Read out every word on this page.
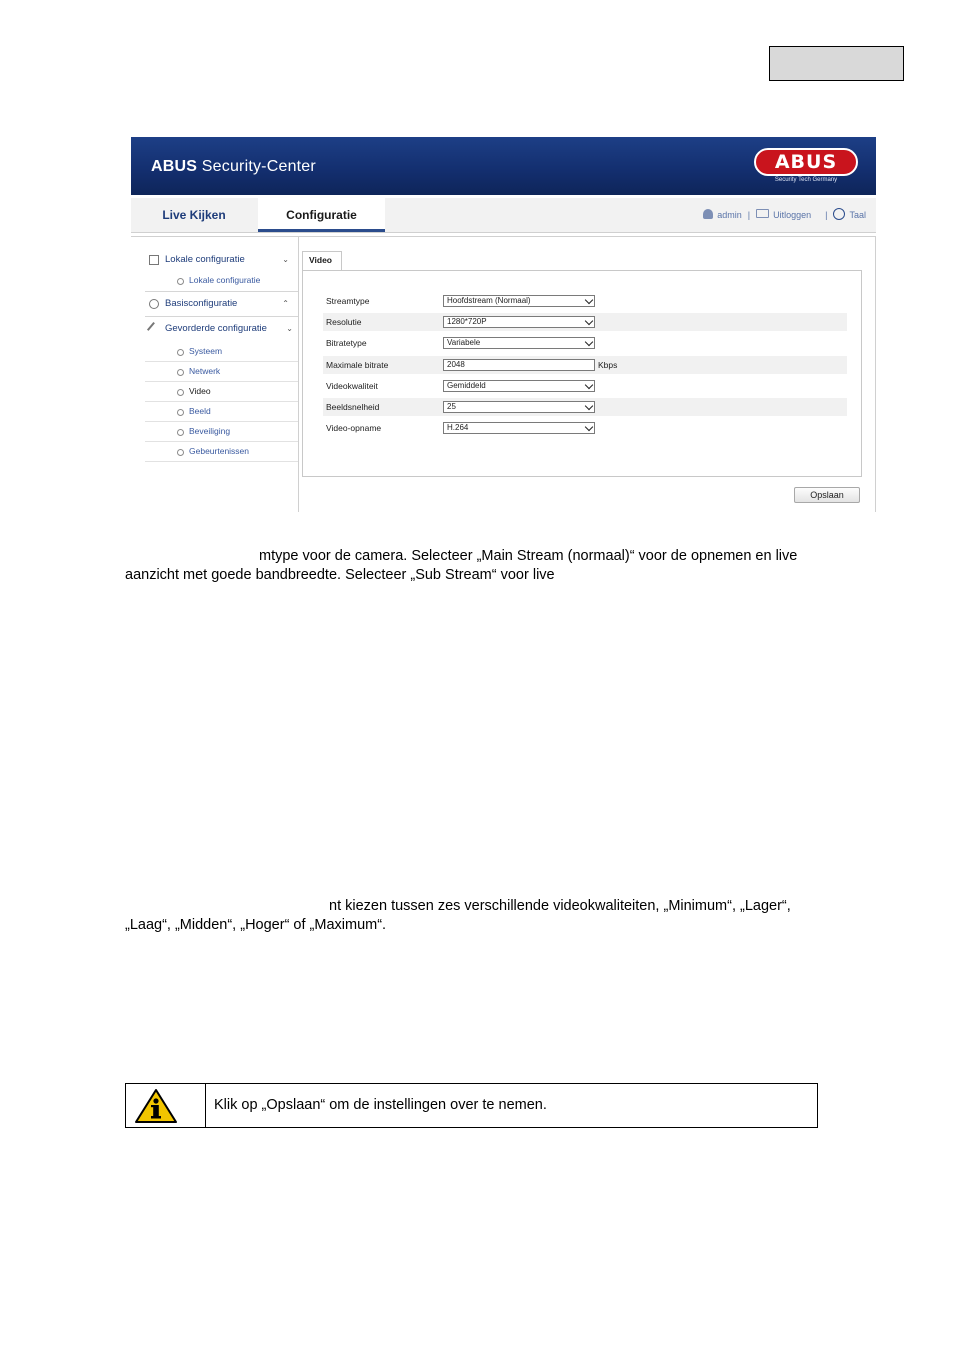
ABUS Security-Center	ABUS
Security Tech Germany
Live Kijken	Configuratie	admin |	Uitloggen | Taal
Lokale configuratie	⌄
Lokale configuratie
Basisconfiguratie	⌃
Gevorderde configuratie ⌄
Systeem
Netwerk
Video
Beeld
Beveiliging
Gebeurtenissen
Video
Streamtype	Hoofdstream (Normaal)
Resolutie	1280*720P
Bitratetype	Variabele
Maximale bitrate	2048	Kbps
Videokwaliteit	Gemiddeld
Beeldsnelheid	25
Video-opname	H.264
Opslaan
mtype voor de camera. Selecteer „Main Stream (normaal)“ voor de opnemen en live
aanzicht met goede bandbreedte. Selecteer „Sub Stream“ voor live
nt kiezen tussen zes verschillende videokwaliteiten, „Minimum“, „Lager“,
„Laag“, „Midden“, „Hoger“ of „Maximum“.
Klik op „Opslaan“ om de instellingen over te nemen.
